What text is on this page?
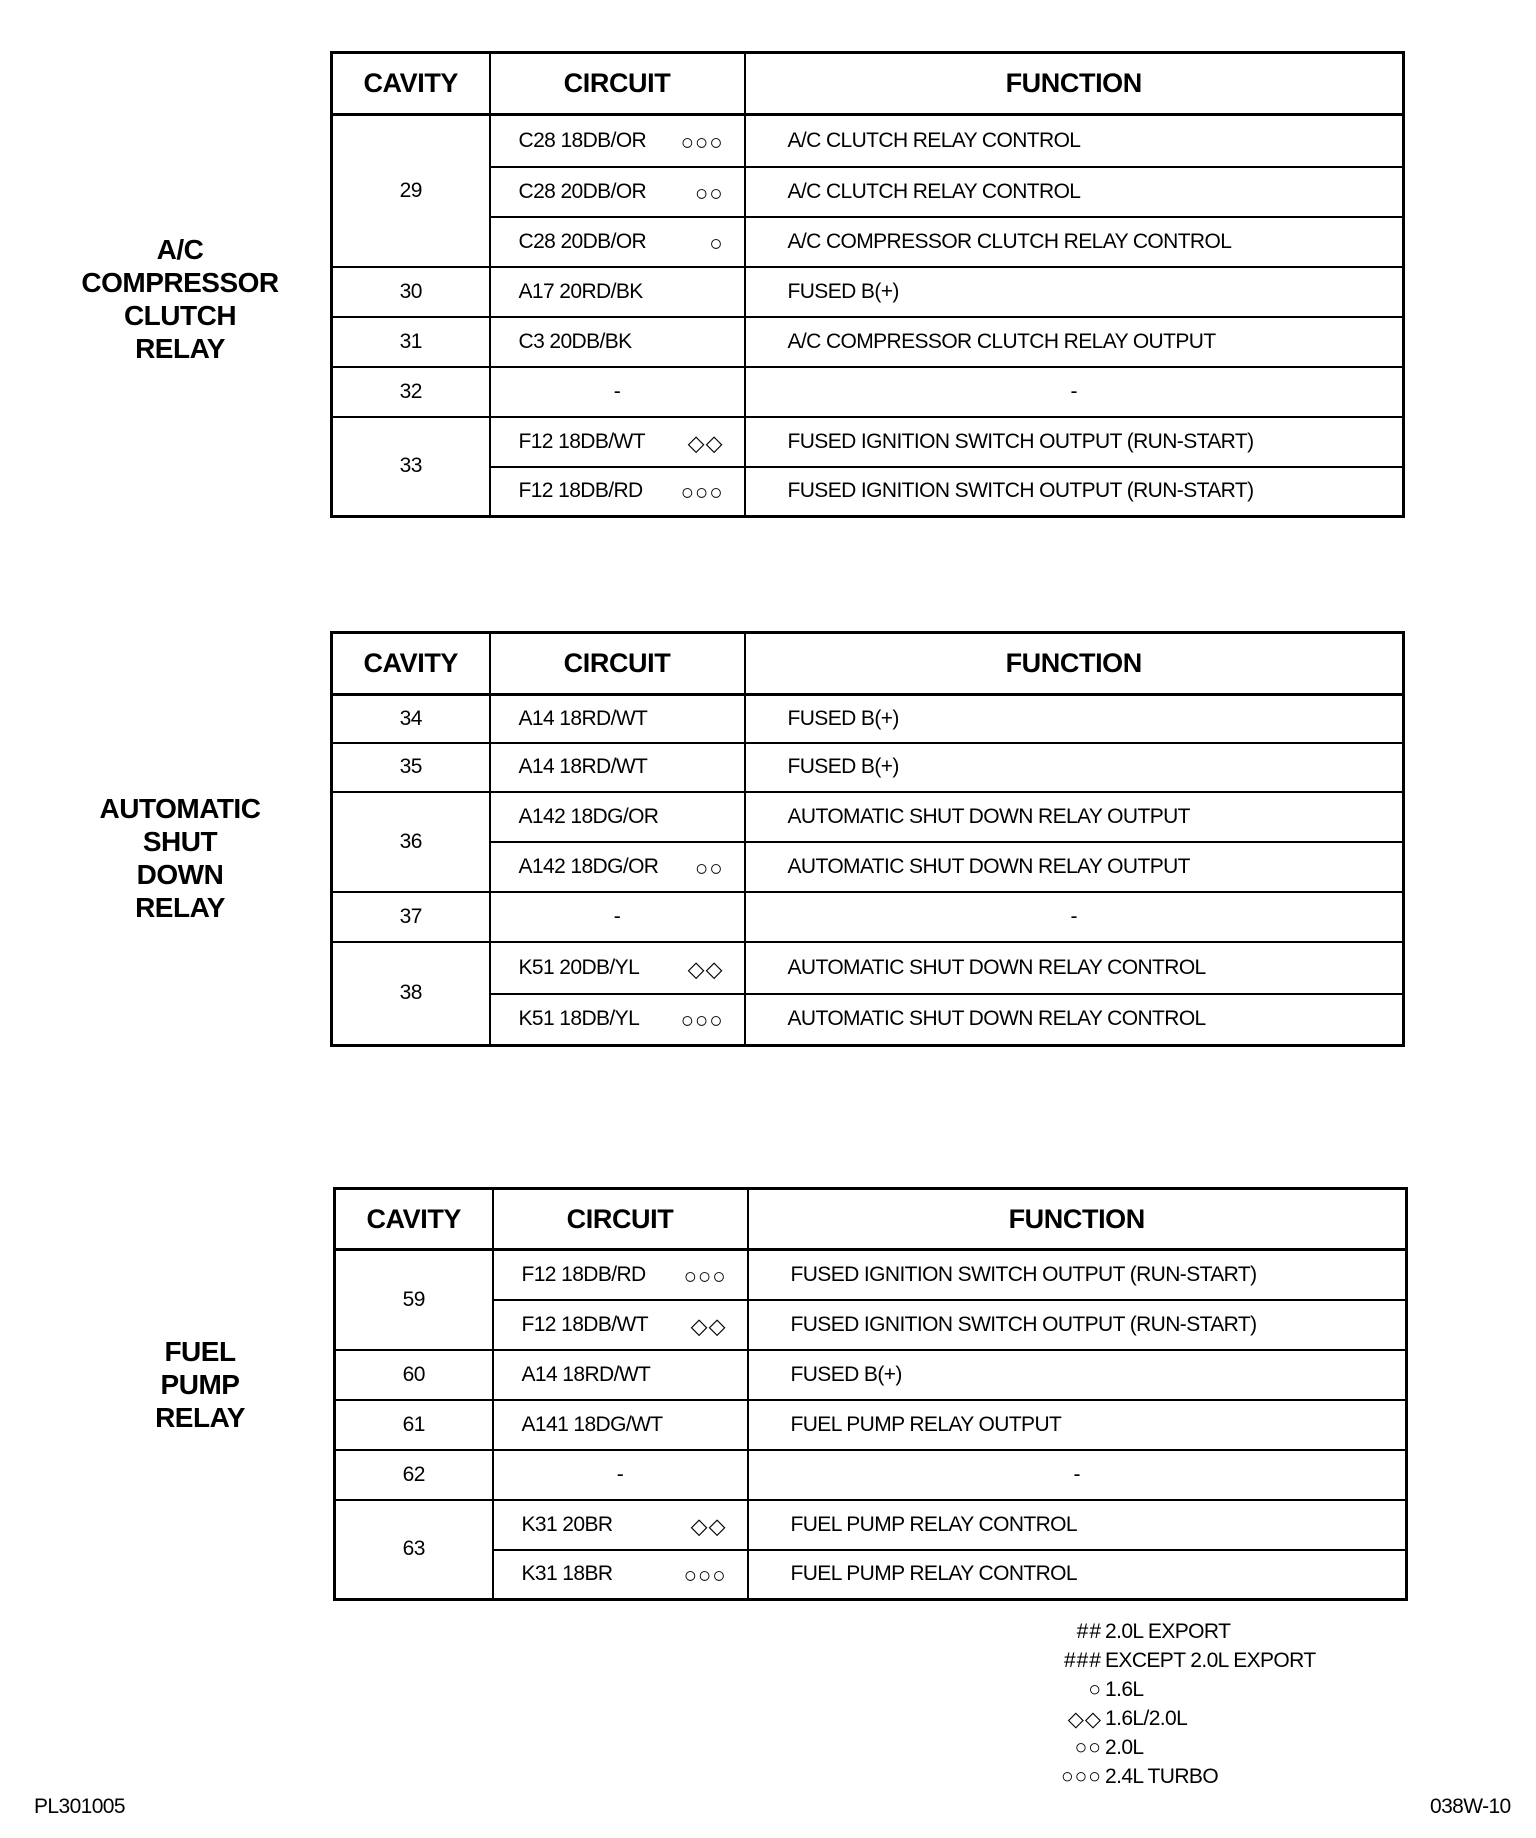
A/C
COMPRESSOR
CLUTCH
RELAY
CAVITY	CIRCUIT	FUNCTION
29	C28 18DB/OR ○○○	A/C CLUTCH RELAY CONTROL
	C28 20DB/OR ○○	A/C CLUTCH RELAY CONTROL
	C28 20DB/OR ○	A/C COMPRESSOR CLUTCH RELAY CONTROL
30	A17 20RD/BK	FUSED B(+)
31	C3 20DB/BK	A/C COMPRESSOR CLUTCH RELAY OUTPUT
32	-	-
33	F12 18DB/WT ◇◇	FUSED IGNITION SWITCH OUTPUT (RUN-START)
	F12 18DB/RD ○○○	FUSED IGNITION SWITCH OUTPUT (RUN-START)
AUTOMATIC
SHUT
DOWN
RELAY
CAVITY	CIRCUIT	FUNCTION
34	A14 18RD/WT	FUSED B(+)
35	A14 18RD/WT	FUSED B(+)
36	A142 18DG/OR	AUTOMATIC SHUT DOWN RELAY OUTPUT
	A142 18DG/OR ○○	AUTOMATIC SHUT DOWN RELAY OUTPUT
37	-	-
38	K51 20DB/YL ◇◇	AUTOMATIC SHUT DOWN RELAY CONTROL
	K51 18DB/YL ○○○	AUTOMATIC SHUT DOWN RELAY CONTROL
FUEL
PUMP
RELAY
CAVITY	CIRCUIT	FUNCTION
59	F12 18DB/RD ○○○	FUSED IGNITION SWITCH OUTPUT (RUN-START)
	F12 18DB/WT ◇◇	FUSED IGNITION SWITCH OUTPUT (RUN-START)
60	A14 18RD/WT	FUSED B(+)
61	A141 18DG/WT	FUEL PUMP RELAY OUTPUT
62	-	-
63	K31 20BR ◇◇	FUEL PUMP RELAY CONTROL
	K31 18BR ○○○	FUEL PUMP RELAY CONTROL
## 2.0L EXPORT
### EXCEPT 2.0L EXPORT
○ 1.6L
◇◇ 1.6L/2.0L
○○ 2.0L
○○○ 2.4L TURBO
PL301005	038W-10
